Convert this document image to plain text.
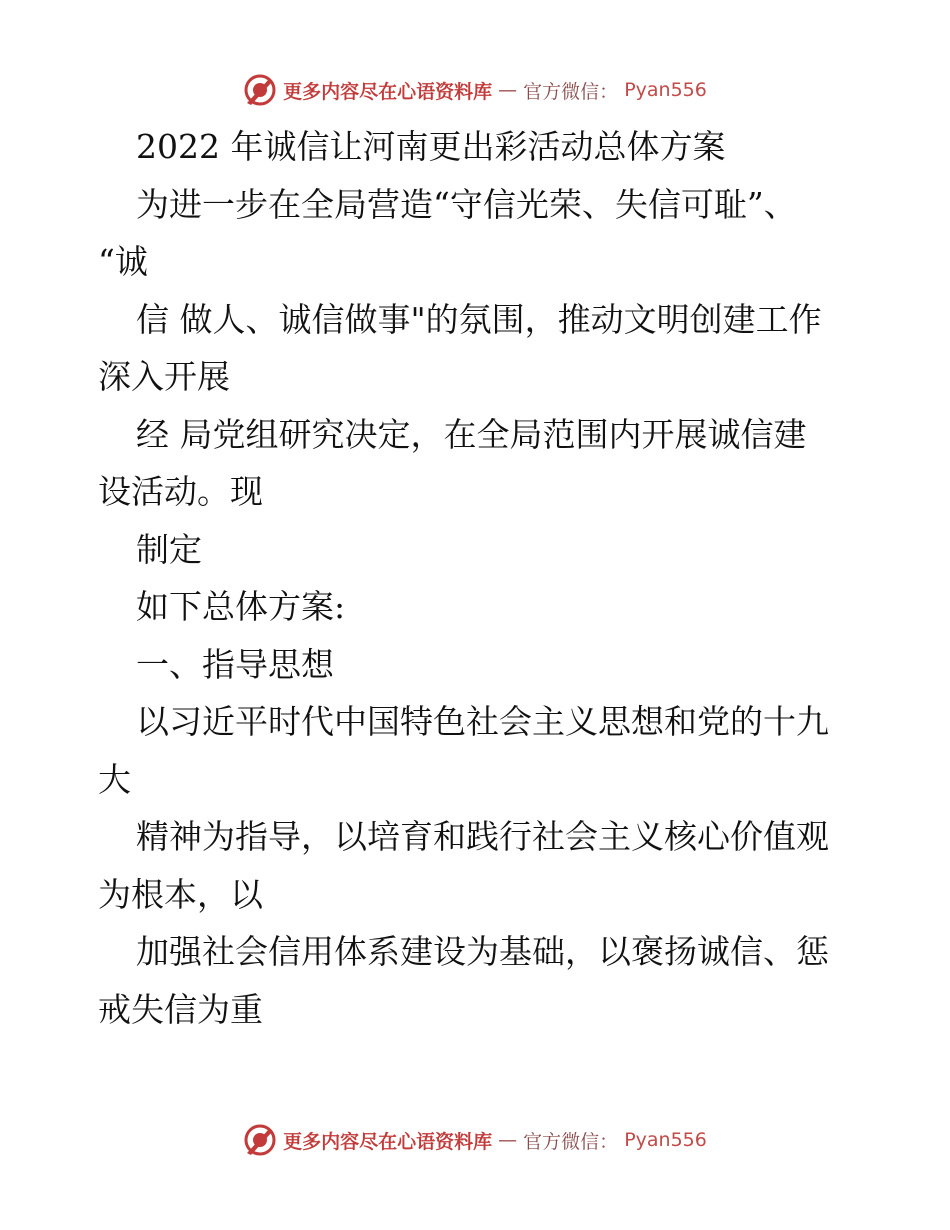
更多内容尽在心语资料库 — 官方微信： Pyan556
2022 年诚信让河南更出彩活动总体方案
为进一步在全局营造“守信光荣、失信可耻”、
“诚
信 做人、诚信做事"的氛围，推动文明创建工作
深入开展
经 局党组研究决定，在全局范围内开展诚信建
设活动。现
制定
如下总体方案:
一、指导思想
以习近平时代中国特色社会主义思想和党的十九
大
精神为指导，以培育和践行社会主义核心价值观
为根本，以
加强社会信用体系建设为基础，以褒扬诚信、惩
戒失信为重
更多内容尽在心语资料库 — 官方微信： Pyan556
